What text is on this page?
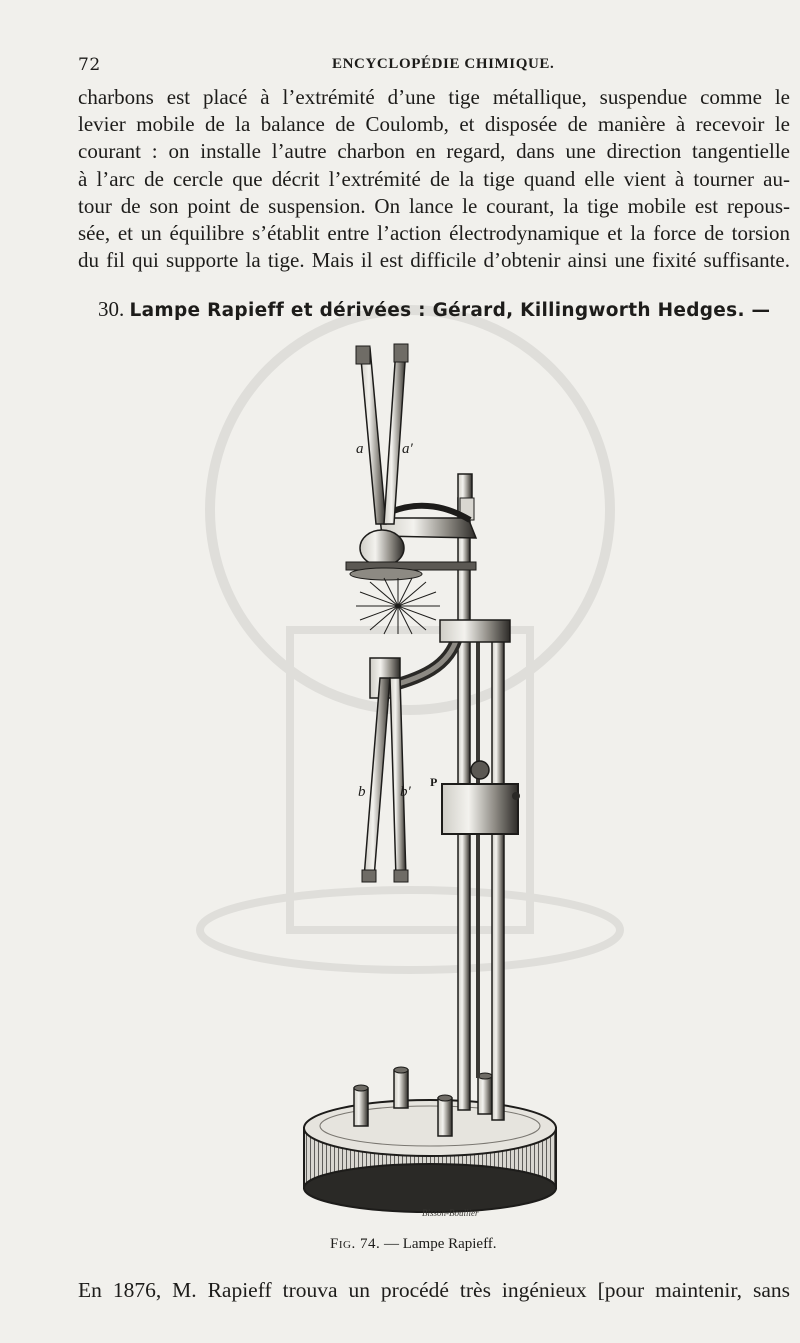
72	ENCYCLOPÉDIE CHIMIQUE.
charbons est placé à l’extrémité d’une tige métallique, suspendue comme le
levier mobile de la balance de Coulomb, et disposée de manière à recevoir le
courant : on installe l’autre charbon en regard, dans une direction tangentielle
à l’arc de cercle que décrit l’extrémité de la tige quand elle vient à tourner au-
tour de son point de suspension. On lance le courant, la tige mobile est repous-
sée, et un équilibre s’établit entre l’action électrodynamique et la force de torsion
du fil qui supporte la tige. Mais il est difficile d’obtenir ainsi une fixité suffisante.
30. Lampe Rapieff et dérivées : Gérard, Killingworth Hedges. —
a	a′
b b′
P
Bisson-Boullier
Fig. 74. — Lampe Rapieff.
En 1876, M. Rapieff trouva un procédé très ingénieux [pour maintenir, sans
